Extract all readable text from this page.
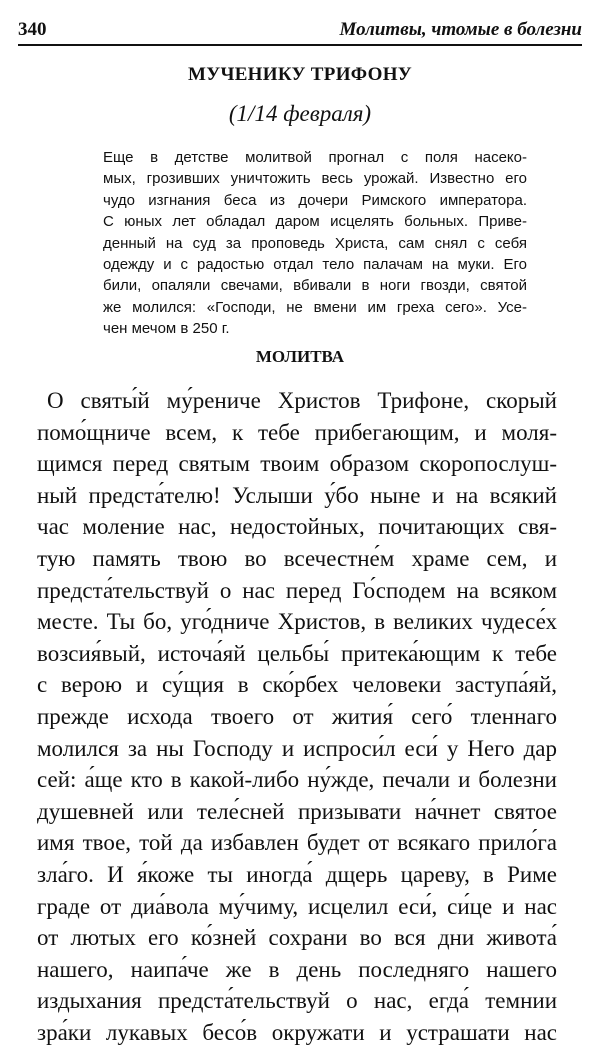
340	Молитвы, чтомые в болезни
МУЧЕНИКУ ТРИФОНУ
(1/14 февраля)
Еще в детстве молитвой прогнал с поля насеко-
мых, грозивших уничтожить весь урожай. Известно его
чудо изгнания беса из дочери Римского императора.
С юных лет обладал даром исцелять больных. Приве-
денный на суд за проповедь Христа, сам снял с себя
одежду и с радостью отдал тело палачам на муки. Его
били, опаляли свечами, вбивали в ноги гвозди, святой
же молился: «Господи, не вмени им греха сего». Усе-
чен мечом в 250 г.
МОЛИТВА
О святы́й му́рениче Христов Трифоне, скорый
помо́щниче всем, к тебе прибегающим, и моля-
щимся перед святым твоим образом скоропослуш-
ный предста́телю! Услыши у́бо ныне и на всякий
час моление нас, недостойных, почитающих свя-
тую память твою во всечестне́м храме сем, и
предста́тельствуй о нас перед Го́сподем на всяком
месте. Ты бо, уго́дниче Христов, в великих чудесе́х
возсия́вый, источа́яй цельбы́ притека́ющим к тебе
с верою и су́щия в ско́рбех человеки заступа́яй,
прежде исхода твоего от жития́ сего́ тленнаго
молился за ны Господу и испроси́л еси́ у Него дар
сей: а́ще кто в какой-либо ну́жде, печали и болезни
душевней или теле́сней призывати на́чнет святое
имя твое, той да избавлен будет от всякаго прило́га
зла́го. И я́коже ты иногда́ дщерь цареву, в Риме
граде от диа́вола му́чиму, исцелил еси́, си́це и нас
от лютых его ко́зней сохрани во вся дни живота́
нашего, наипа́че же в день последняго нашего
издыхания предста́тельствуй о нас, егда́ темнии
зра́ки лукавых бесо́в окружати и устрашати нас
